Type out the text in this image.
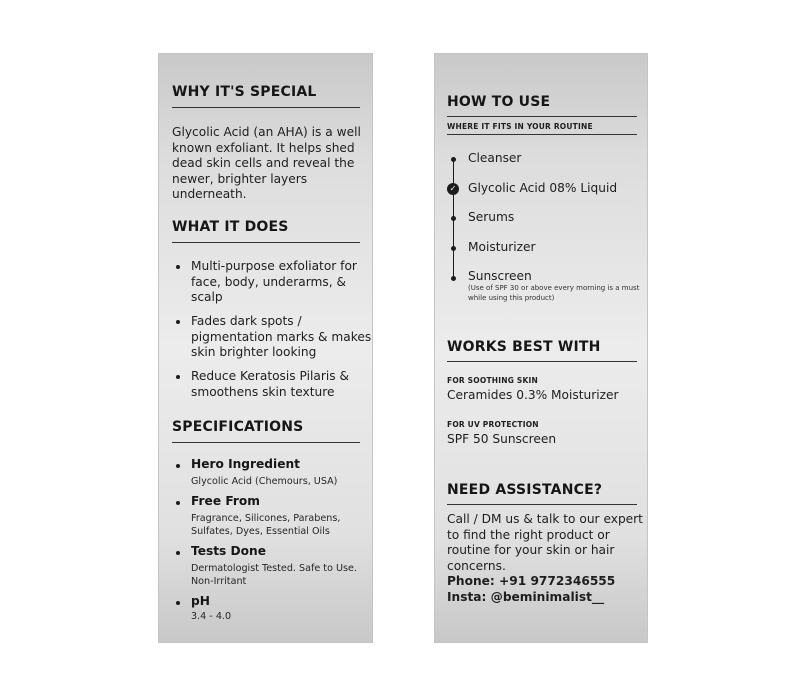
WHY IT'S SPECIAL

Glycolic Acid (an AHA) is a well

known exfoliant. It helps shed

dead skin cells and reveal the

newer, brighter layers

underneath.

WHAT IT DOES

Multi-purpose exfoliator for

face, body, underarms, &

scalp

Fades dark spots /

pigmentation marks & makes

skin brighter looking

Reduce Keratosis Pilaris &

smoothens skin texture

SPECIFICATIONS

Hero Ingredient

Glycolic Acid (Chemours, USA)

Free From

Fragrance, Silicones, Parabens,

Sulfates, Dyes, Essential Oils

Tests Done

Dermatologist Tested. Safe to Use.

Non-Irritant

pH

3.4 - 4.0

HOW TO USE

WHERE IT FITS IN YOUR ROUTINE

✓

Cleanser

Glycolic Acid 08% Liquid

Serums

Moisturizer

Sunscreen

(Use of SPF 30 or above every morning is a must

while using this product)

WORKS BEST WITH

FOR SOOTHING SKIN

Ceramides 0.3% Moisturizer

FOR UV PROTECTION

SPF 50 Sunscreen

NEED ASSISTANCE?

Call / DM us & talk to our expert

to find the right product or

routine for your skin or hair

concerns.

Phone: +91 9772346555

Insta: @beminimalist__
